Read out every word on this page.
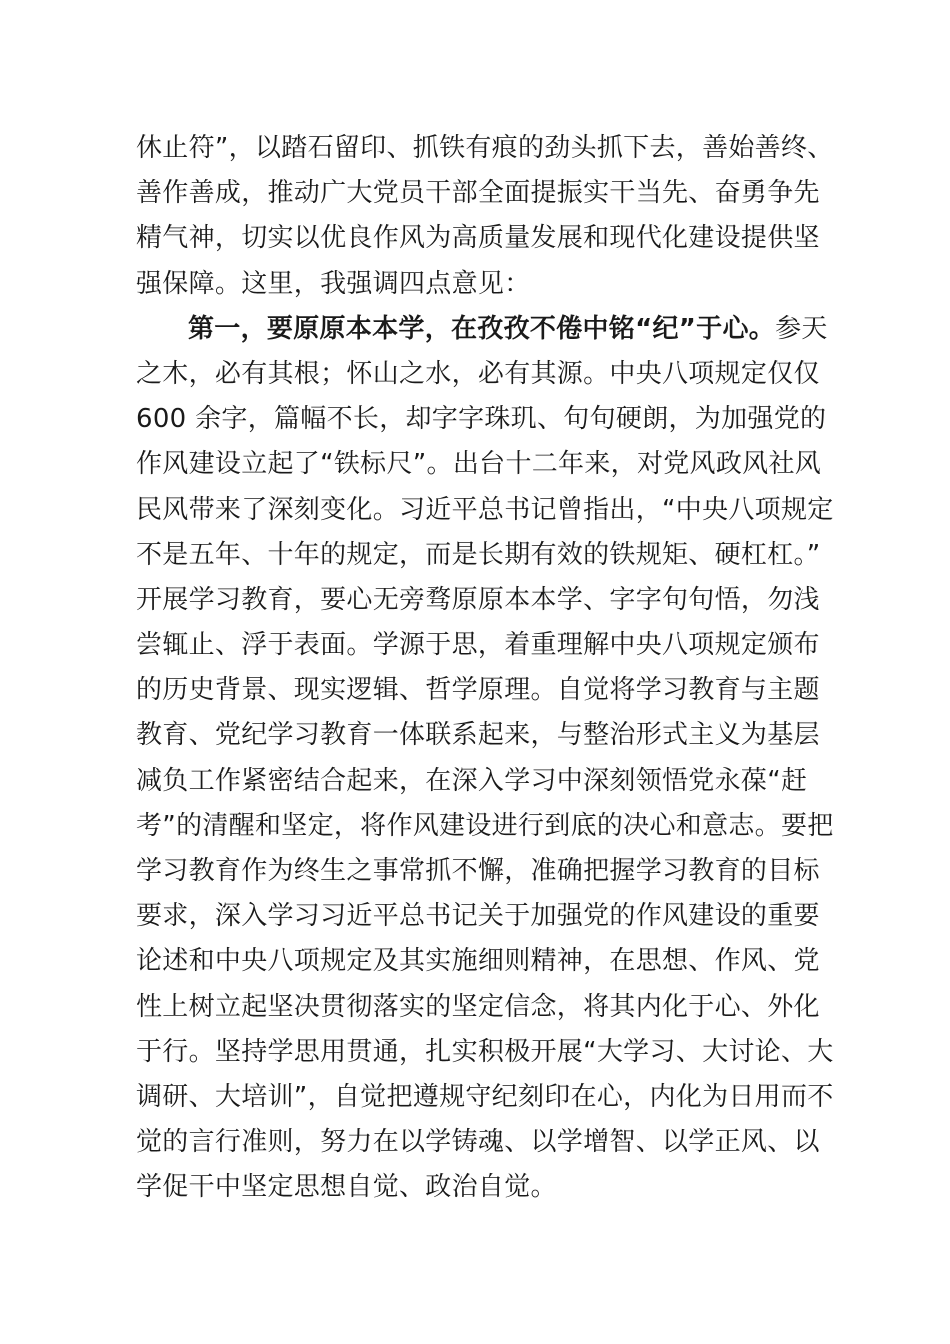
休止符”，以踏石留印、抓铁有痕的劲头抓下去，善始善终、
善作善成，推动广大党员干部全面提振实干当先、奋勇争先
精气神，切实以优良作风为高质量发展和现代化建设提供坚
强保障。这里，我强调四点意见：
第一，要原原本本学，在孜孜不倦中铭“纪”于心。参天
之木，必有其根；怀山之水，必有其源。中央八项规定仅仅
600 余字，篇幅不长，却字字珠玑、句句硬朗，为加强党的
作风建设立起了“铁标尺”。出台十二年来，对党风政风社风
民风带来了深刻变化。习近平总书记曾指出，“中央八项规定
不是五年、十年的规定，而是长期有效的铁规矩、硬杠杠。”
开展学习教育，要心无旁骛原原本本学、字字句句悟，勿浅
尝辄止、浮于表面。学源于思，着重理解中央八项规定颁布
的历史背景、现实逻辑、哲学原理。自觉将学习教育与主题
教育、党纪学习教育一体联系起来，与整治形式主义为基层
减负工作紧密结合起来，在深入学习中深刻领悟党永葆“赶
考”的清醒和坚定，将作风建设进行到底的决心和意志。要把
学习教育作为终生之事常抓不懈，准确把握学习教育的目标
要求，深入学习习近平总书记关于加强党的作风建设的重要
论述和中央八项规定及其实施细则精神，在思想、作风、党
性上树立起坚决贯彻落实的坚定信念，将其内化于心、外化
于行。坚持学思用贯通，扎实积极开展“大学习、大讨论、大
调研、大培训”，自觉把遵规守纪刻印在心，内化为日用而不
觉的言行准则，努力在以学铸魂、以学增智、以学正风、以
学促干中坚定思想自觉、政治自觉。
